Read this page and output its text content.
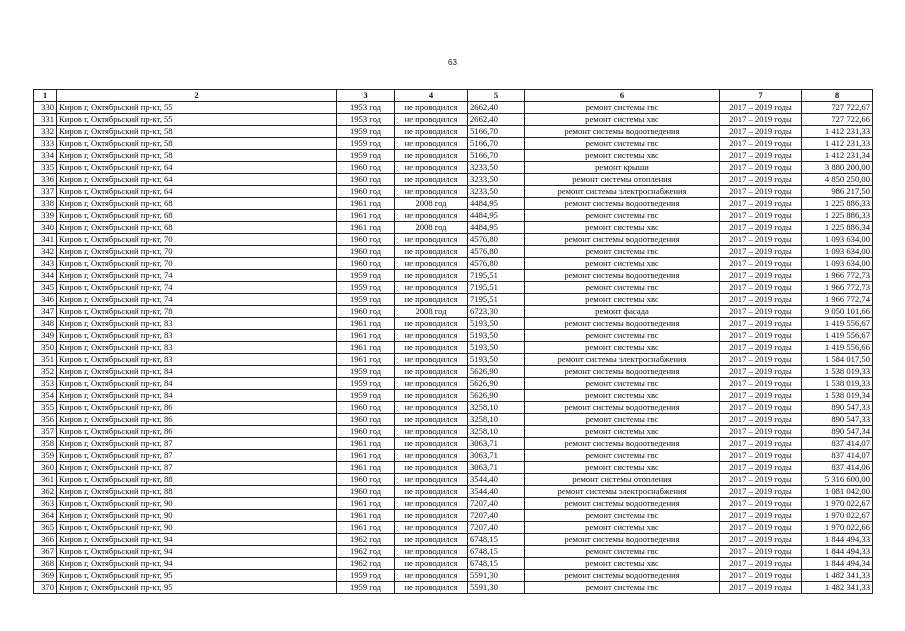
63
1	2	3	4	5	6	7	8
330	Киров г, Октябрьский пр-кт, 55	1953 год	не проводился	2662,40	ремонт системы гвс	2017 – 2019 годы	727 722,67
331	Киров г, Октябрьский пр-кт, 55	1953 год	не проводился	2662,40	ремонт системы хвс	2017 – 2019 годы	727 722,66
332	Киров г, Октябрьский пр-кт, 58	1959 год	не проводился	5166,70	ремонт системы водоотведения	2017 – 2019 годы	1 412 231,33
333	Киров г, Октябрьский пр-кт, 58	1959 год	не проводился	5166,70	ремонт системы гвс	2017 – 2019 годы	1 412 231,33
334	Киров г, Октябрьский пр-кт, 58	1959 год	не проводился	5166,70	ремонт системы хвс	2017 – 2019 годы	1 412 231,34
335	Киров г, Октябрьский пр-кт, 64	1960 год	не проводился	3233,50	ремонт крыши	2017 – 2019 годы	3 880 200,00
336	Киров г, Октябрьский пр-кт, 64	1960 год	не проводился	3233,50	ремонт системы отопления	2017 – 2019 годы	4 850 250,00
337	Киров г, Октябрьский пр-кт, 64	1960 год	не проводился	3233,50	ремонт системы электроснабжения	2017 – 2019 годы	986 217,50
338	Киров г, Октябрьский пр-кт, 68	1961 год	2008 год	4484,95	ремонт системы водоотведения	2017 – 2019 годы	1 225 886,33
339	Киров г, Октябрьский пр-кт, 68	1961 год	не проводился	4484,95	ремонт системы гвс	2017 – 2019 годы	1 225 886,33
340	Киров г, Октябрьский пр-кт, 68	1961 год	2008 год	4484,95	ремонт системы хвс	2017 – 2019 годы	1 225 886,34
341	Киров г, Октябрьский пр-кт, 70	1960 год	не проводился	4576,80	ремонт системы водоотведения	2017 – 2019 годы	1 093 634,00
342	Киров г, Октябрьский пр-кт, 70	1960 год	не проводился	4576,80	ремонт системы гвс	2017 – 2019 годы	1 093 634,00
343	Киров г, Октябрьский пр-кт, 70	1960 год	не проводился	4576,80	ремонт системы хвс	2017 – 2019 годы	1 093 634,00
344	Киров г, Октябрьский пр-кт, 74	1959 год	не проводился	7195,51	ремонт системы водоотведения	2017 – 2019 годы	1 966 772,73
345	Киров г, Октябрьский пр-кт, 74	1959 год	не проводился	7195,51	ремонт системы гвс	2017 – 2019 годы	1 966 772,73
346	Киров г, Октябрьский пр-кт, 74	1959 год	не проводился	7195,51	ремонт системы хвс	2017 – 2019 годы	1 966 772,74
347	Киров г, Октябрьский пр-кт, 78	1960 год	2008 год	6723,30	ремонт фасада	2017 – 2019 годы	9 050 101,66
348	Киров г, Октябрьский пр-кт, 83	1961 год	не проводился	5193,50	ремонт системы водоотведения	2017 – 2019 годы	1 419 556,67
349	Киров г, Октябрьский пр-кт, 83	1961 год	не проводился	5193,50	ремонт системы гвс	2017 – 2019 годы	1 419 556,67
350	Киров г, Октябрьский пр-кт, 83	1961 год	не проводился	5193,50	ремонт системы хвс	2017 – 2019 годы	1 419 556,66
351	Киров г, Октябрьский пр-кт, 83	1961 год	не проводился	5193,50	ремонт системы электроснабжения	2017 – 2019 годы	1 584 017,50
352	Киров г, Октябрьский пр-кт, 84	1959 год	не проводился	5626,90	ремонт системы водоотведения	2017 – 2019 годы	1 538 019,33
353	Киров г, Октябрьский пр-кт, 84	1959 год	не проводился	5626,90	ремонт системы гвс	2017 – 2019 годы	1 538 019,33
354	Киров г, Октябрьский пр-кт, 84	1959 год	не проводился	5626,90	ремонт системы хвс	2017 – 2019 годы	1 538 019,34
355	Киров г, Октябрьский пр-кт, 86	1960 год	не проводился	3258,10	ремонт системы водоотведения	2017 – 2019 годы	890 547,33
356	Киров г, Октябрьский пр-кт, 86	1960 год	не проводился	3258,10	ремонт системы гвс	2017 – 2019 годы	890 547,33
357	Киров г, Октябрьский пр-кт, 86	1960 год	не проводился	3258,10	ремонт системы хвс	2017 – 2019 годы	890 547,34
358	Киров г, Октябрьский пр-кт, 87	1961 год	не проводился	3063,71	ремонт системы водоотведения	2017 – 2019 годы	837 414,07
359	Киров г, Октябрьский пр-кт, 87	1961 год	не проводился	3063,71	ремонт системы гвс	2017 – 2019 годы	837 414,07
360	Киров г, Октябрьский пр-кт, 87	1961 год	не проводился	3063,71	ремонт системы хвс	2017 – 2019 годы	837 414,06
361	Киров г, Октябрьский пр-кт, 88	1960 год	не проводился	3544,40	ремонт системы отопления	2017 – 2019 годы	5 316 600,00
362	Киров г, Октябрьский пр-кт, 88	1960 год	не проводился	3544,40	ремонт системы электроснабжения	2017 – 2019 годы	1 081 042,00
363	Киров г, Октябрьский пр-кт, 90	1961 год	не проводился	7207,40	ремонт системы водоотведения	2017 – 2019 годы	1 970 022,67
364	Киров г, Октябрьский пр-кт, 90	1961 год	не проводился	7207,40	ремонт системы гвс	2017 – 2019 годы	1 970 022,67
365	Киров г, Октябрьский пр-кт, 90	1961 год	не проводился	7207,40	ремонт системы хвс	2017 – 2019 годы	1 970 022,66
366	Киров г, Октябрьский пр-кт, 94	1962 год	не проводился	6748,15	ремонт системы водоотведения	2017 – 2019 годы	1 844 494,33
367	Киров г, Октябрьский пр-кт, 94	1962 год	не проводился	6748,15	ремонт системы гвс	2017 – 2019 годы	1 844 494,33
368	Киров г, Октябрьский пр-кт, 94	1962 год	не проводился	6748,15	ремонт системы хвс	2017 – 2019 годы	1 844 494,34
369	Киров г, Октябрьский пр-кт, 95	1959 год	не проводился	5591,30	ремонт системы водоотведения	2017 – 2019 годы	1 482 341,33
370	Киров г, Октябрьский пр-кт, 95	1959 год	не проводился	5591,30	ремонт системы гвс	2017 – 2019 годы	1 482 341,33
